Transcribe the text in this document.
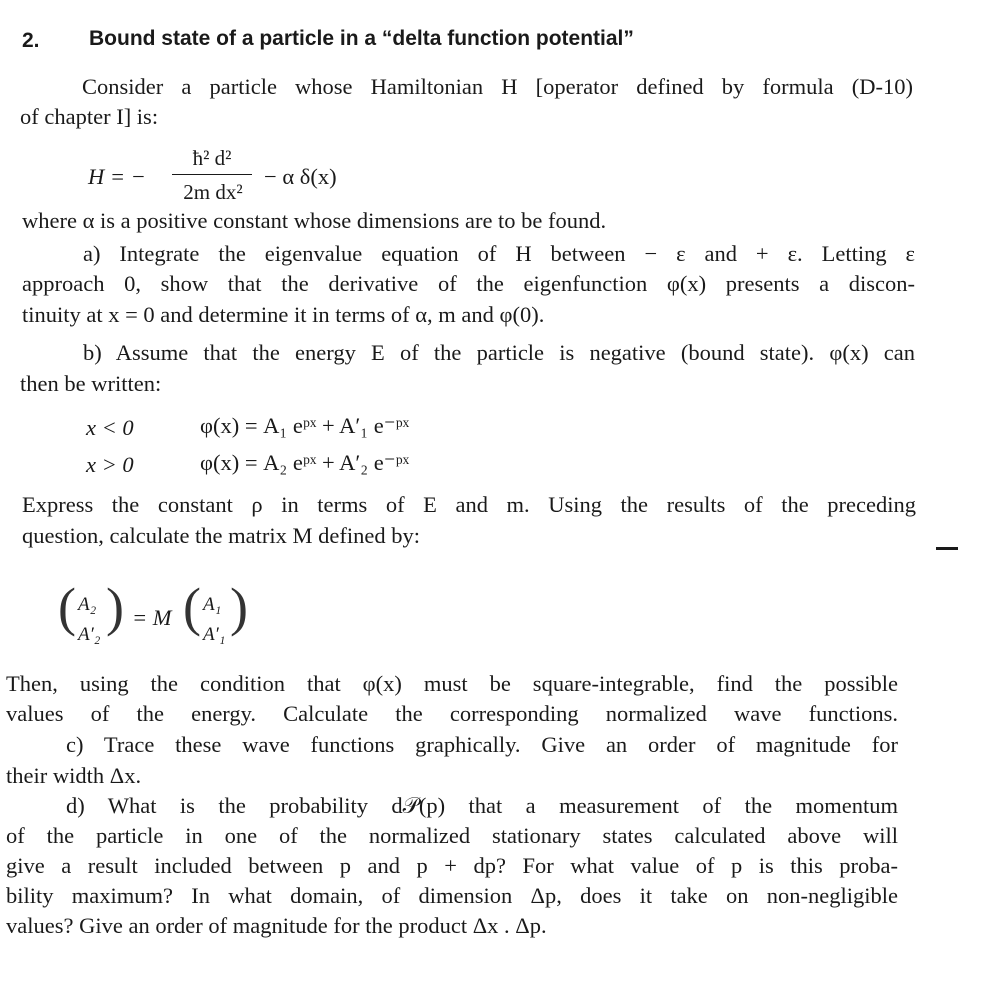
2. Bound state of a particle in a “delta function potential”
Consider a particle whose Hamiltonian H [operator defined by formula (D-10)
of chapter I] is:
H = −
ħ² d²
2m dx²
− α δ(x)
where α is a positive constant whose dimensions are to be found.
a) Integrate the eigenvalue equation of H between − ε and + ε. Letting ε
approach 0, show that the derivative of the eigenfunction φ(x) presents a discon-
tinuity at x = 0 and determine it in terms of α, m and φ(0).
b) Assume that the energy E of the particle is negative (bound state). φ(x) can
then be written:
x < 0	φ(x) = A₁ eᵖˣ + A′₁ e⁻ᵖˣ
x > 0	φ(x) = A₂ eᵖˣ + A′₂ e⁻ᵖˣ
Express the constant ρ in terms of E and m. Using the results of the preceding
question, calculate the matrix M defined by:
( A₂
A′₂ ) = M ( A₁
A′₁ )
Then, using the condition that φ(x) must be square-integrable, find the possible
values of the energy. Calculate the corresponding normalized wave functions.
c) Trace these wave functions graphically. Give an order of magnitude for
their width Δx.
d) What is the probability d𝒫(p) that a measurement of the momentum
of the particle in one of the normalized stationary states calculated above will
give a result included between p and p + dp? For what value of p is this proba-
bility maximum? In what domain, of dimension Δp, does it take on non-negligible
values? Give an order of magnitude for the product Δx . Δp.
